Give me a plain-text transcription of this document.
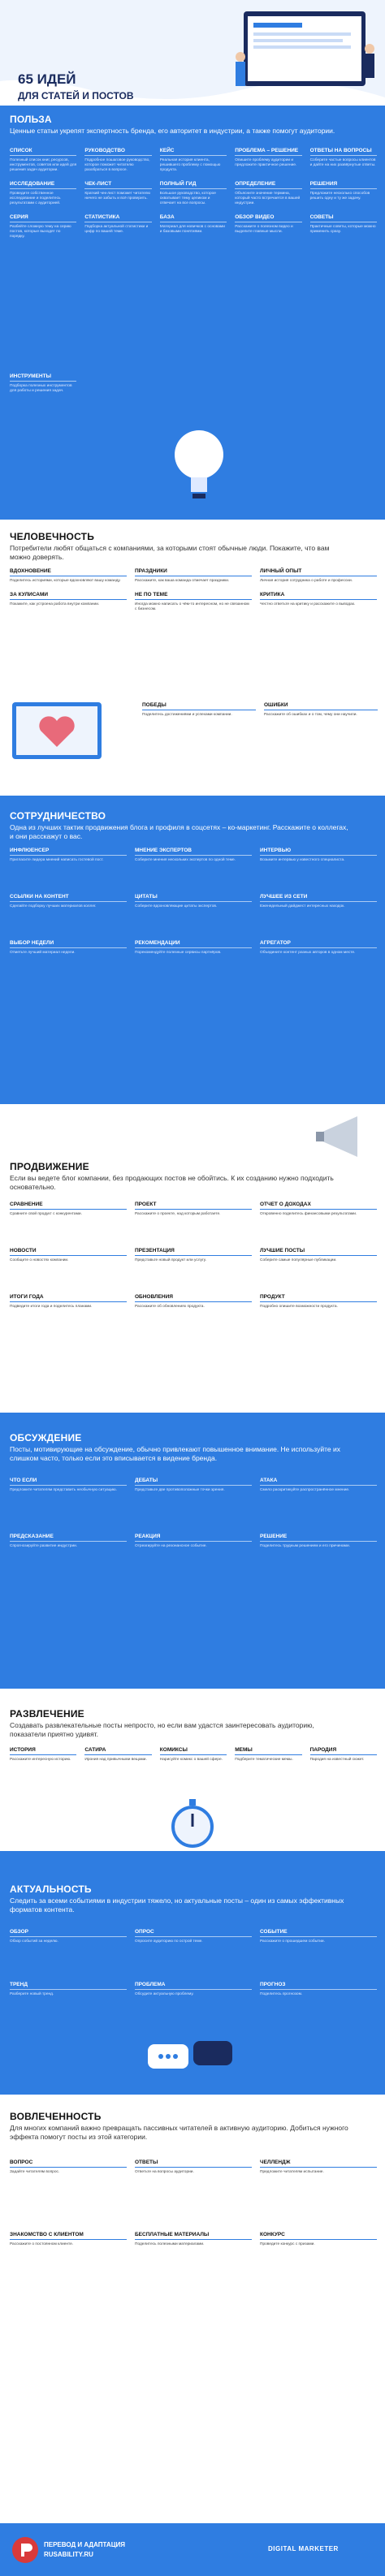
65 ИДЕЙ
ДЛЯ СТАТЕЙ И ПОСТОВ
ПОЛЬЗА
Ценные статьи укрепят экспертность бренда, его авторитет в индустрии, а также помогут аудитории.
СПИСОК
Полезный список книг, ресурсов, инструментов, советов или идей для решения задач аудитории.
РУКОВОДСТВО
Подробное пошаговое руководство, которое поможет читателю разобраться в вопросе.
КЕЙС
Реальная история клиента, решившего проблему с помощью продукта.
ПРОБЛЕМА – РЕШЕНИЕ
Опишите проблему аудитории и предложите практичное решение.
ОТВЕТЫ НА ВОПРОСЫ
Соберите частые вопросы клиентов и дайте на них развёрнутые ответы.
ИССЛЕДОВАНИЕ
Проведите собственное исследование и поделитесь результатами с аудиторией.
ЧЕК-ЛИСТ
Краткий чек-лист поможет читателю ничего не забыть и всё проверить.
ПОЛНЫЙ ГИД
Большое руководство, которое охватывает тему целиком и отвечает на все вопросы.
ОПРЕДЕЛЕНИЕ
Объясните значение термина, который часто встречается в вашей индустрии.
РЕШЕНИЯ
Предложите несколько способов решить одну и ту же задачу.
СЕРИЯ
Разбейте сложную тему на серию постов, которые выходят по порядку.
СТАТИСТИКА
Подборка актуальной статистики и цифр по вашей теме.
БАЗА
Материал для новичков с основами и базовыми понятиями.
ОБЗОР ВИДЕО
Расскажите о полезном видео и выделите главные мысли.
СОВЕТЫ
Практичные советы, которые можно применить сразу.
ИНСТРУМЕНТЫ
Подборка полезных инструментов для работы и решения задач.
ЧЕЛОВЕЧНОСТЬ
Потребители любят общаться с компаниями, за которыми стоят обычные люди. Покажите, что вам можно доверять.
ВДОХНОВЕНИЕ
Поделитесь историями, которые вдохновляют вашу команду.
ПРАЗДНИКИ
Расскажите, как ваша команда отмечает праздники.
ЛИЧНЫЙ ОПЫТ
Личная история сотрудника о работе и профессии.
ЗА КУЛИСАМИ
Покажите, как устроена работа внутри компании.
НЕ ПО ТЕМЕ
Иногда можно написать о чём-то интересном, но не связанном с бизнесом.
КРИТИКА
Честно ответьте на критику и расскажите о выводах.
ПОБЕДЫ
Поделитесь достижениями и успехами компании.
ОШИБКИ
Расскажите об ошибках и о том, чему они научили.
СОТРУДНИЧЕСТВО
Одна из лучших тактик продвижения блога и профиля в соцсетях – ко-маркетинг. Расскажите о коллегах, и они расскажут о вас.
ИНФЛЮЕНСЕР
Пригласите лидера мнений написать гостевой пост.
МНЕНИЕ ЭКСПЕРТОВ
Соберите мнения нескольких экспертов по одной теме.
ИНТЕРВЬЮ
Возьмите интервью у известного специалиста.
ССЫЛКИ НА КОНТЕНТ
Сделайте подборку лучших материалов коллег.
ЦИТАТЫ
Соберите вдохновляющие цитаты экспертов.
ЛУЧШЕЕ ИЗ СЕТИ
Еженедельный дайджест интересных находок.
ВЫБОР НЕДЕЛИ
Отметьте лучший материал недели.
РЕКОМЕНДАЦИИ
Порекомендуйте полезные сервисы партнёров.
АГРЕГАТОР
Объедините контент разных авторов в одном месте.
ПРОДВИЖЕНИЕ
Если вы ведете блог компании, без продающих постов не обойтись. К их созданию нужно подходить основательно.
СРАВНЕНИЕ
Сравните свой продукт с конкурентами.
ПРОЕКТ
Расскажите о проекте, над которым работаете.
ОТЧЕТ О ДОХОДАХ
Откровенно поделитесь финансовыми результатами.
НОВОСТИ
Сообщите о новостях компании.
ПРЕЗЕНТАЦИЯ
Представьте новый продукт или услугу.
ЛУЧШИЕ ПОСТЫ
Соберите самые популярные публикации.
ИТОГИ ГОДА
Подведите итоги года и поделитесь планами.
ОБНОВЛЕНИЯ
Расскажите об обновлениях продукта.
ПРОДУКТ
Подробно опишите возможности продукта.
ОБСУЖДЕНИЕ
Посты, мотивирующие на обсуждение, обычно привлекают повышенное внимание. Не используйте их слишком часто, только если это вписывается в видение бренда.
ЧТО ЕСЛИ
Предложите читателям представить необычную ситуацию.
ДЕБАТЫ
Представьте две противоположные точки зрения.
АТАКА
Смело раскритикуйте распространённое мнение.
ПРЕДСКАЗАНИЕ
Спрогнозируйте развитие индустрии.
РЕАКЦИЯ
Отреагируйте на резонансное событие.
РЕШЕНИЕ
Поделитесь трудным решением и его причинами.
РАЗВЛЕЧЕНИЕ
Создавать развлекательные посты непросто, но если вам удастся заинтересовать аудиторию, показатели приятно удивят.
ИСТОРИЯ
Расскажите интересную историю.
САТИРА
Ирония над привычными вещами.
КОМИКСЫ
Нарисуйте комикс о вашей сфере.
МЕМЫ
Подберите тематические мемы.
ПАРОДИЯ
Пародия на известный сюжет.
АКТУАЛЬНОСТЬ
Следить за всеми событиями в индустрии тяжело, но актуальные посты – один из самых эффективных форматов контента.
ОБЗОР
Обзор событий за неделю.
ОПРОС
Опросите аудиторию по острой теме.
СОБЫТИЕ
Расскажите о прошедшем событии.
ТРЕНД
Разберите новый тренд.
ПРОБЛЕМА
Обсудите актуальную проблему.
ПРОГНОЗ
Поделитесь прогнозом.
ВОВЛЕЧЕННОСТЬ
Для многих компаний важно превращать пассивных читателей в активную аудиторию. Добиться нужного эффекта помогут посты из этой категории.
ВОПРОС
Задайте читателям вопрос.
ОТВЕТЫ
Ответьте на вопросы аудитории.
ЧЕЛЛЕНДЖ
Предложите читателям испытание.
ЗНАКОМСТВО С КЛИЕНТОМ
Расскажите о постоянном клиенте.
БЕСПЛАТНЫЕ МАТЕРИАЛЫ
Поделитесь полезными материалами.
КОНКУРС
Проведите конкурс с призами.
ПЕРЕВОД И АДАПТАЦИЯ
RUSABILITY.RU
DIGITAL MARKETER
